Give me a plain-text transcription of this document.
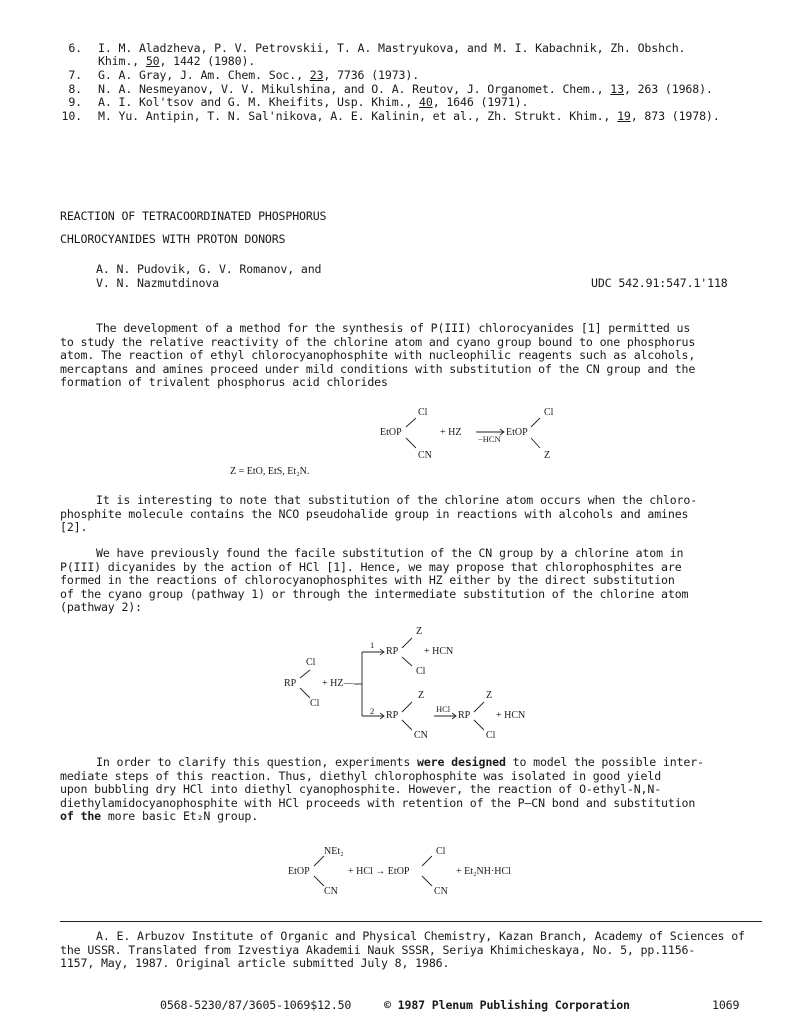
6. I. M. Aladzheva, P. V. Petrovskii, T. A. Mastryukova, and M. I. Kabachnik, Zh. Obshch.
Khim., 50, 1442 (1980).
7. G. A. Gray, J. Am. Chem. Soc., 23, 7736 (1973).
8. N. A. Nesmeyanov, V. V. Mikulshina, and O. A. Reutov, J. Organomet. Chem., 13, 263 (1968).
9. A. I. Kol'tsov and G. M. Kheifits, Usp. Khim., 40, 1646 (1971).
10. M. Yu. Antipin, T. N. Sal'nikova, A. E. Kalinin, et al., Zh. Strukt. Khim., 19, 873 (1978).
REACTION OF TETRACOORDINATED PHOSPHORUS
CHLOROCYANIDES WITH PROTON DONORS
A. N. Pudovik, G. V. Romanov, and
V. N. Nazmutdinova	UDC 542.91:547.1'118
The development of a method for the synthesis of P(III) chlorocyanides [1] permitted us
to study the relative reactivity of the chlorine atom and cyano group bound to one phosphorus
atom. The reaction of ethyl chlorocyanophosphite with nucleophilic reagents such as alcohols,
mercaptans and amines proceed under mild conditions with substitution of the CN group and the
formation of trivalent phosphorus acid chlorides
Cl
EtOP
CN
+ HZ
−HCN
EtOP
Cl
Z
Z = EtO, EtS, Et₂N.
It is interesting to note that substitution of the chlorine atom occurs when the chloro-
phosphite molecule contains the NCO pseudohalide group in reactions with alcohols and amines
[2].
We have previously found the facile substitution of the CN group by a chlorine atom in
P(III) dicyanides by the action of HCl [1]. Hence, we may propose that chlorophosphites are
formed in the reactions of chlorocyanophosphites with HZ either by the direct substitution
of the cyano group (pathway 1) or through the intermediate substitution of the chlorine atom
(pathway 2):
Cl
RP
Cl
+ HZ—
1
RP
Z
Cl
+ HCN
2 RP
Z
CN
HCl
RP
Z
Cl
+ HCN
In order to clarify this question, experiments were designed to model the possible inter-
mediate steps of this reaction. Thus, diethyl chlorophosphite was isolated in good yield
upon bubbling dry HCl into diethyl cyanophosphite. However, the reaction of O-ethyl-N,N-
diethylamidocyanophosphite with HCl proceeds with retention of the P—CN bond and substitution
of the more basic Et₂N group.
NEt₂
EtOP
CN
+ HCl → EtOP
Cl
CN
+ Et₂NH·HCl
A. E. Arbuzov Institute of Organic and Physical Chemistry, Kazan Branch, Academy of Sciences of
the USSR. Translated from Izvestiya Akademii Nauk SSSR, Seriya Khimicheskaya, No. 5, pp.1156-
1157, May, 1987. Original article submitted July 8, 1986.
0568-5230/87/3605-1069$12.50	© 1987 Plenum Publishing Corporation	1069
